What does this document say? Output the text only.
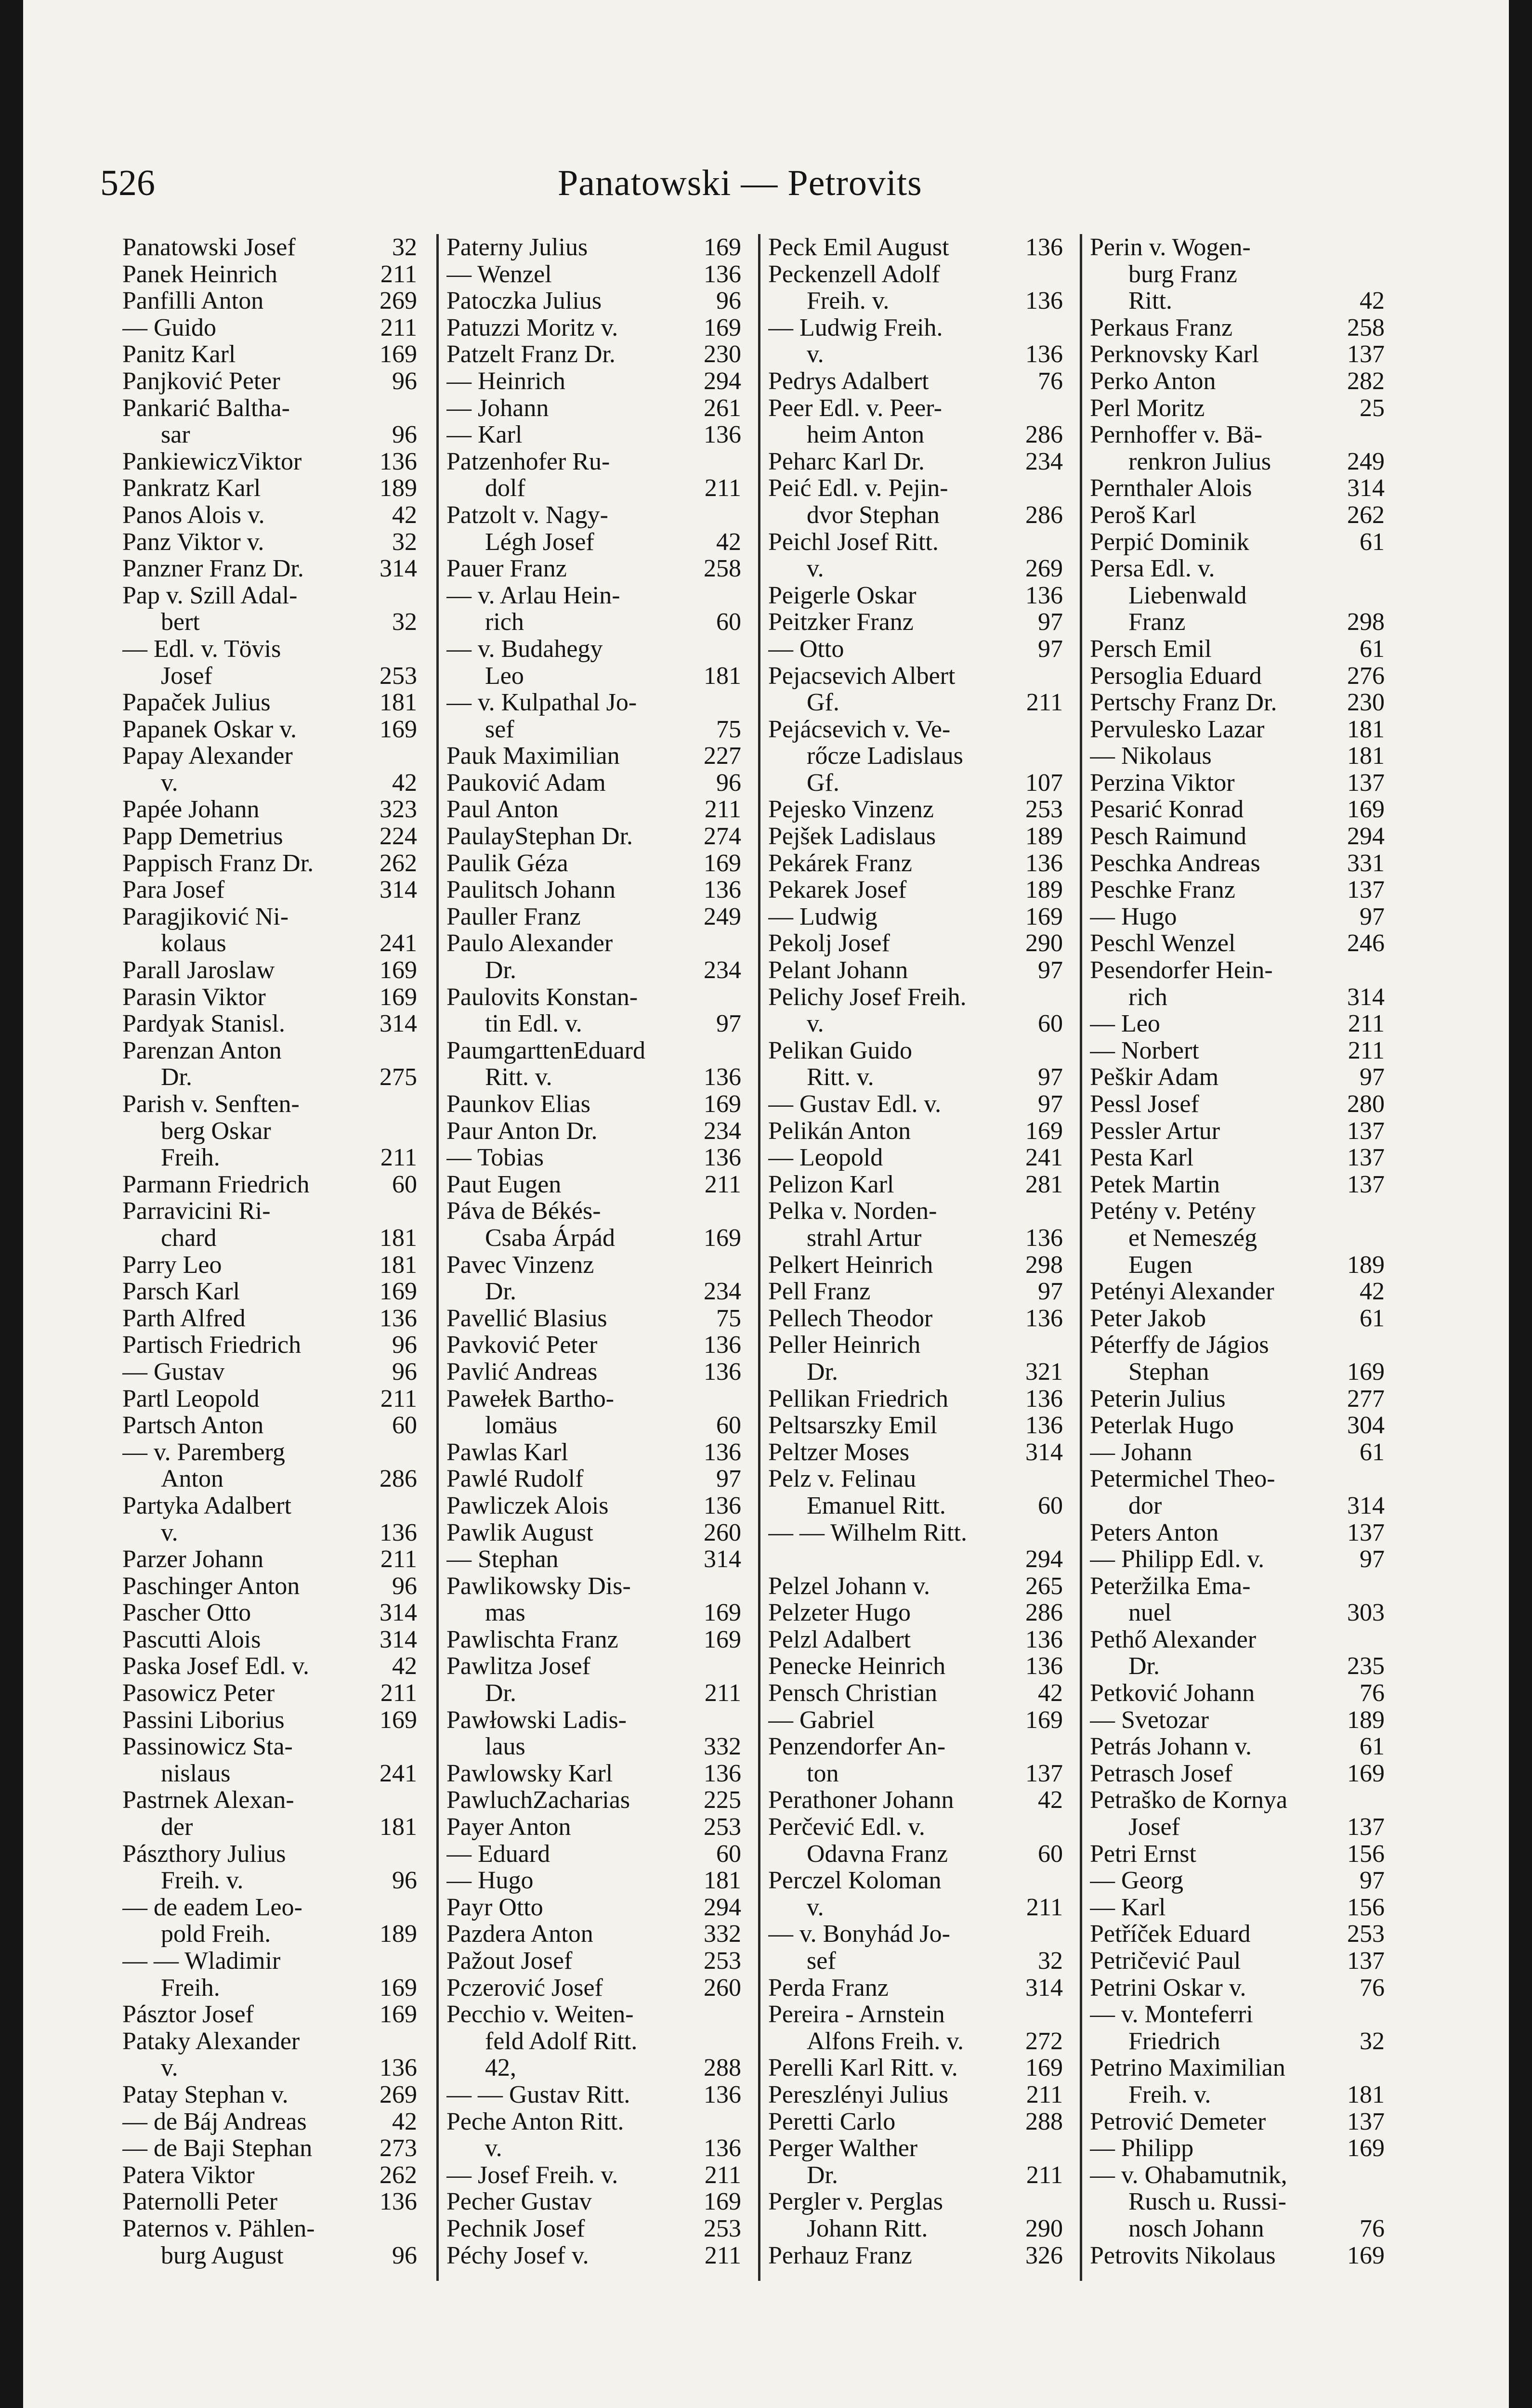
526	Panatowski — Petrovits
Panatowski Josef	32
Panek Heinrich	211
Panfilli Anton	269
— Guido	211
Panitz Karl	169
Panjković Peter	96
Pankarić Baltha-
sar	96
PankiewiczViktor	136
Pankratz Karl	189
Panos Alois v.	42
Panz Viktor v.	32
Panzner Franz Dr.	314
Pap v. Szill Adal-
bert	32
— Edl. v. Tövis
Josef	253
Papaček Julius	181
Papanek Oskar v.	169
Papay Alexander
v.	42
Papée Johann	323
Papp Demetrius	224
Pappisch Franz Dr.	262
Para Josef	314
Paragjiković Ni-
kolaus	241
Parall Jaroslaw	169
Parasin Viktor	169
Pardyak Stanisl.	314
Parenzan Anton
Dr.	275
Parish v. Senften-
berg Oskar
Freih.	211
Parmann Friedrich	60
Parravicini Ri-
chard	181
Parry Leo	181
Parsch Karl	169
Parth Alfred	136
Partisch Friedrich	96
— Gustav	96
Partl Leopold	211
Partsch Anton	60
— v. Paremberg
Anton	286
Partyka Adalbert
v.	136
Parzer Johann	211
Paschinger Anton	96
Pascher Otto	314
Pascutti Alois	314
Paska Josef Edl. v.	42
Pasowicz Peter	211
Passini Liborius	169
Passinowicz Sta-
nislaus	241
Pastrnek Alexan-
der	181
Pászthory Julius
Freih. v.	96
— de eadem Leo-
pold Freih.	189
— — Wladimir
Freih.	169
Pásztor Josef	169
Pataky Alexander
v.	136
Patay Stephan v.	269
— de Báj Andreas	42
— de Baji Stephan	273
Patera Viktor	262
Paternolli Peter	136
Paternos v. Pählen-
burg August	96
Paterny Julius	169
— Wenzel	136
Patoczka Julius	96
Patuzzi Moritz v.	169
Patzelt Franz Dr.	230
— Heinrich	294
— Johann	261
— Karl	136
Patzenhofer Ru-
dolf	211
Patzolt v. Nagy-
Légh Josef	42
Pauer Franz	258
— v. Arlau Hein-
rich	60
— v. Budahegy
Leo	181
— v. Kulpathal Jo-
sef	75
Pauk Maximilian	227
Pauković Adam	96
Paul Anton	211
PaulayStephan Dr.	274
Paulik Géza	169
Paulitsch Johann	136
Pauller Franz	249
Paulo Alexander
Dr.	234
Paulovits Konstan-
tin Edl. v.	97
PaumgarttenEduard
Ritt. v.	136
Paunkov Elias	169
Paur Anton Dr.	234
— Tobias	136
Paut Eugen	211
Páva de Békés-
Csaba Árpád	169
Pavec Vinzenz
Dr.	234
Pavellić Blasius	75
Pavković Peter	136
Pavlić Andreas	136
Pawełek Bartho-
lomäus	60
Pawlas Karl	136
Pawlé Rudolf	97
Pawliczek Alois	136
Pawlik August	260
— Stephan	314
Pawlikowsky Dis-
mas	169
Pawlischta Franz	169
Pawlitza Josef
Dr.	211
Pawłowski Ladis-
laus	332
Pawlowsky Karl	136
PawluchZacharias	225
Payer Anton	253
— Eduard	60
— Hugo	181
Payr Otto	294
Pazdera Anton	332
Pažout Josef	253
Pczerović Josef	260
Pecchio v. Weiten-
feld Adolf Ritt.
42,	288
— — Gustav Ritt.	136
Peche Anton Ritt.
v.	136
— Josef Freih. v.	211
Pecher Gustav	169
Pechnik Josef	253
Péchy Josef v.	211
Peck Emil August	136
Peckenzell Adolf
Freih. v.	136
— Ludwig Freih.
v.	136
Pedrys Adalbert	76
Peer Edl. v. Peer-
heim Anton	286
Peharc Karl Dr.	234
Peić Edl. v. Pejin-
dvor Stephan	286
Peichl Josef Ritt.
v.	269
Peigerle Oskar	136
Peitzker Franz	97
— Otto	97
Pejacsevich Albert
Gf.	211
Pejácsevich v. Ve-
rőcze Ladislaus
Gf.	107
Pejesko Vinzenz	253
Pejšek Ladislaus	189
Pekárek Franz	136
Pekarek Josef	189
— Ludwig	169
Pekolj Josef	290
Pelant Johann	97
Pelichy Josef Freih.
v.	60
Pelikan Guido
Ritt. v.	97
— Gustav Edl. v.	97
Pelikán Anton	169
— Leopold	241
Pelizon Karl	281
Pelka v. Norden-
strahl Artur	136
Pelkert Heinrich	298
Pell Franz	97
Pellech Theodor	136
Peller Heinrich
Dr.	321
Pellikan Friedrich	136
Peltsarszky Emil	136
Peltzer Moses	314
Pelz v. Felinau
Emanuel Ritt.	60
— — Wilhelm Ritt.
294
Pelzel Johann v.	265
Pelzeter Hugo	286
Pelzl Adalbert	136
Penecke Heinrich	136
Pensch Christian	42
— Gabriel	169
Penzendorfer An-
ton	137
Perathoner Johann	42
Perčević Edl. v.
Odavna Franz	60
Perczel Koloman
v.	211
— v. Bonyhád Jo-
sef	32
Perda Franz	314
Pereira - Arnstein
Alfons Freih. v. 272
Perelli Karl Ritt. v.	169
Pereszlényi Julius	211
Peretti Carlo	288
Perger Walther
Dr.	211
Pergler v. Perglas
Johann Ritt.	290
Perhauz Franz	326
Perin v. Wogen-
burg Franz
Ritt.	42
Perkaus Franz	258
Perknovsky Karl	137
Perko Anton	282
Perl Moritz	25
Pernhoffer v. Bä-
renkron Julius	249
Pernthaler Alois	314
Peroš Karl	262
Perpić Dominik	61
Persa Edl. v.
Liebenwald
Franz	298
Persch Emil	61
Persoglia Eduard	276
Pertschy Franz Dr.	230
Pervulesko Lazar	181
— Nikolaus	181
Perzina Viktor	137
Pesarić Konrad	169
Pesch Raimund	294
Peschka Andreas	331
Peschke Franz	137
— Hugo	97
Peschl Wenzel	246
Pesendorfer Hein-
rich	314
— Leo	211
— Norbert	211
Peškir Adam	97
Pessl Josef	280
Pessler Artur	137
Pesta Karl	137
Petek Martin	137
Petény v. Petény
et Nemeszég
Eugen	189
Petényi Alexander	42
Peter Jakob	61
Péterffy de Jágios
Stephan	169
Peterin Julius	277
Peterlak Hugo	304
— Johann	61
Petermichel Theo-
dor	314
Peters Anton	137
— Philipp Edl. v.	97
Peteržilka Ema-
nuel	303
Pethő Alexander
Dr.	235
Petković Johann	76
— Svetozar	189
Petrás Johann v.	61
Petrasch Josef	169
Petraško de Kornya
Josef	137
Petri Ernst	156
— Georg	97
— Karl	156
Petříček Eduard	253
Petričević Paul	137
Petrini Oskar v.	76
— v. Monteferri
Friedrich	32
Petrino Maximilian
Freih. v.	181
Petrović Demeter	137
— Philipp	169
— v. Ohabamutnik,
Rusch u. Russi-
nosch Johann	76
Petrovits Nikolaus	169
